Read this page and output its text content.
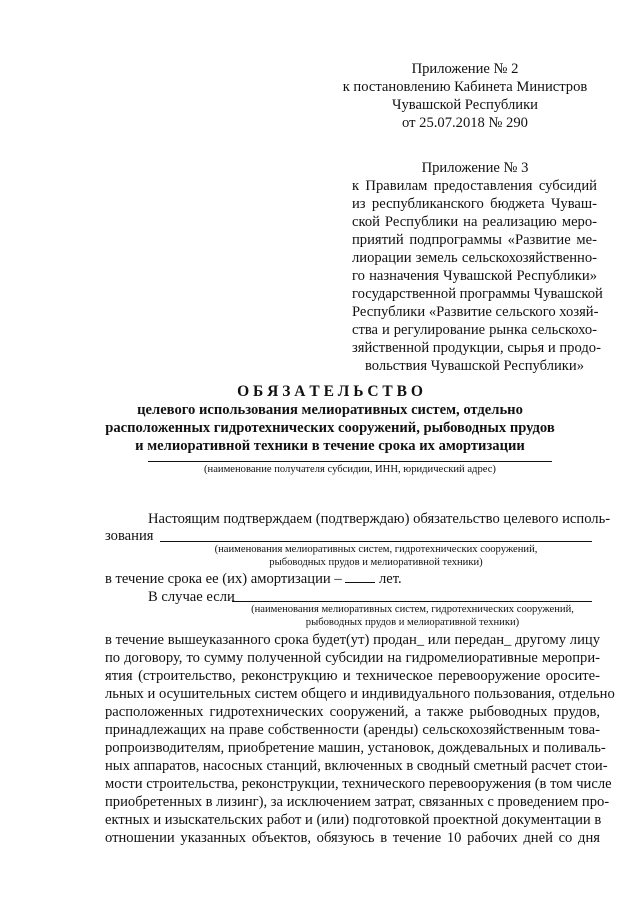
Приложение № 2
к постановлению Кабинета Министров
Чувашской Республики
от 25.07.2018 № 290
Приложение № 3
к Правилам предоставления субсидий
из республиканского бюджета Чуваш-
ской Республики на реализацию меро-
приятий подпрограммы «Развитие ме-
лиорации земель сельскохозяйственно-
го назначения Чувашской Республики»
государственной программы Чувашской
Республики «Развитие сельского хозяй-
ства и регулирование рынка сельскохо-
зяйственной продукции, сырья и продо-
вольствия Чувашской Республики»
О Б Я З А Т Е Л Ь С Т В О
целевого использования мелиоративных систем, отдельно
расположенных гидротехнических сооружений, рыбоводных прудов
и мелиоративной техники в течение срока их амортизации
(наименование получателя субсидии, ИНН, юридический адрес)
Настоящим подтверждаем (подтверждаю) обязательство целевого исполь-
зования
(наименования мелиоративных систем, гидротехнических сооружений,
рыбоводных прудов и мелиоративной техники)
в течение срока ее (их) амортизации –	лет.
В случае если
(наименования мелиоративных систем, гидротехнических сооружений,
рыбоводных прудов и мелиоративной техники)
в течение вышеуказанного срока будет(ут) продан_ или передан_ другому лицу
по договору, то сумму полученной субсидии на гидромелиоративные меропри-
ятия (строительство, реконструкцию и техническое перевооружение оросите-
льных и осушительных систем общего и индивидуального пользования, отдельно
расположенных гидротехнических сооружений, а также рыбоводных прудов,
принадлежащих на праве собственности (аренды) сельскохозяйственным това-
ропроизводителям, приобретение машин, установок, дождевальных и поливаль-
ных аппаратов, насосных станций, включенных в сводный сметный расчет стои-
мости строительства, реконструкции, технического перевооружения (в том числе
приобретенных в лизинг), за исключением затрат, связанных с проведением про-
ектных и изыскательских работ и (или) подготовкой проектной документации в
отношении указанных объектов, обязуюсь в течение 10 рабочих дней со дня
